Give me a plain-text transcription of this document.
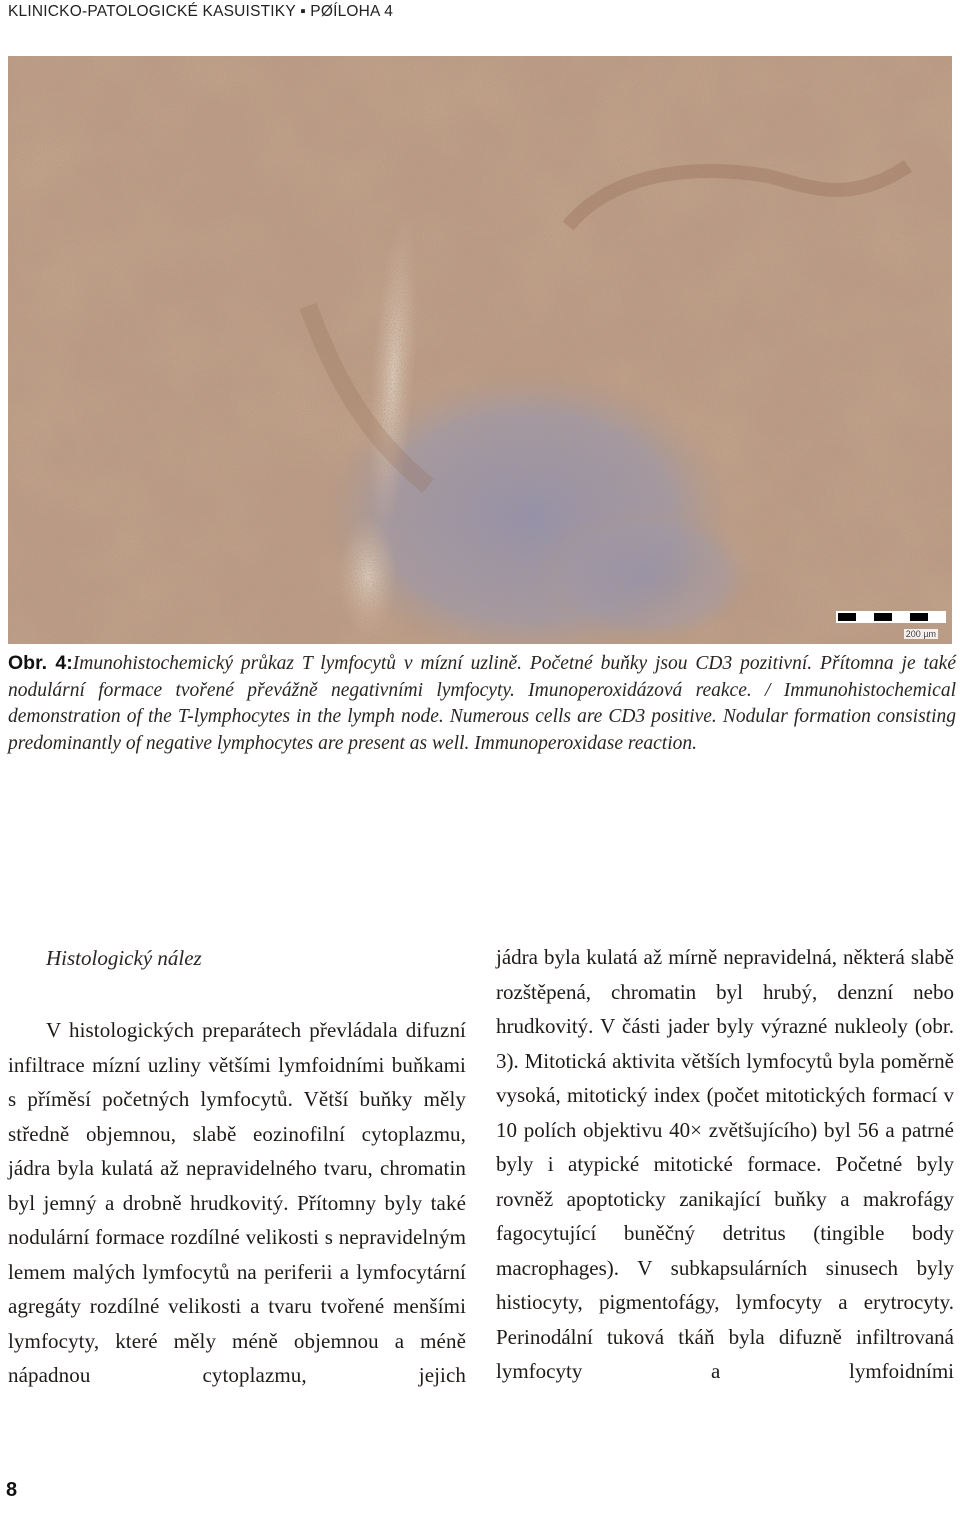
KLINICKO-PATOLOGICKÉ KASUISTIKY ▪ PØÍLOHA 4
200 µm
Obr. 4:Imunohistochemický průkaz T lymfocytů v mízní uzlině. Početné buňky jsou CD3 pozitivní. Přítomna je také nodulární formace tvořené převážně negativními lymfocyty. Imunoperoxidázová reakce. / Immunohistochemical demonstration of the T-lymphocytes in the lymph node. Numerous cells are CD3 positive. Nodular formation consisting predominantly of negative lymphocytes are present as well. Immunoperoxidase reaction.
Histologický nález

V histologických preparátech převládala difuzní infiltrace mízní uzliny většími lymfoidními buňkami s příměsí početných lymfocytů. Větší buňky měly středně objemnou, slabě eozinofilní cytoplazmu, jádra byla kulatá až nepravidelného tvaru, chromatin byl jemný a drobně hrudkovitý. Přítomny byly také nodulární formace rozdílné velikosti s nepravidelným lemem malých lymfocytů na periferii a lymfocytární agregáty rozdílné velikosti a tvaru tvořené menšími lymfocyty, které měly méně objemnou a méně nápadnou cytoplazmu, jejich

jádra byla kulatá až mírně nepravidelná, některá slabě rozštěpená, chromatin byl hrubý, denzní nebo hrudkovitý. V části jader byly výrazné nukleoly (obr. 3). Mitotická aktivita větších lymfocytů byla poměrně vysoká, mitotický index (počet mitotických formací v 10 polích objektivu 40× zvětšujícího) byl 56 a patrné byly i atypické mitotické formace. Početné byly rovněž apoptoticky zanikající buňky a makrofágy fagocytující buněčný detritus (tingible body macrophages). V subkapsulárních sinusech byly histiocyty, pigmentofágy, lymfocyty a erytrocyty. Perinodální tuková tkáň byla difuzně infiltrovaná lymfocyty a lymfoidními

8
